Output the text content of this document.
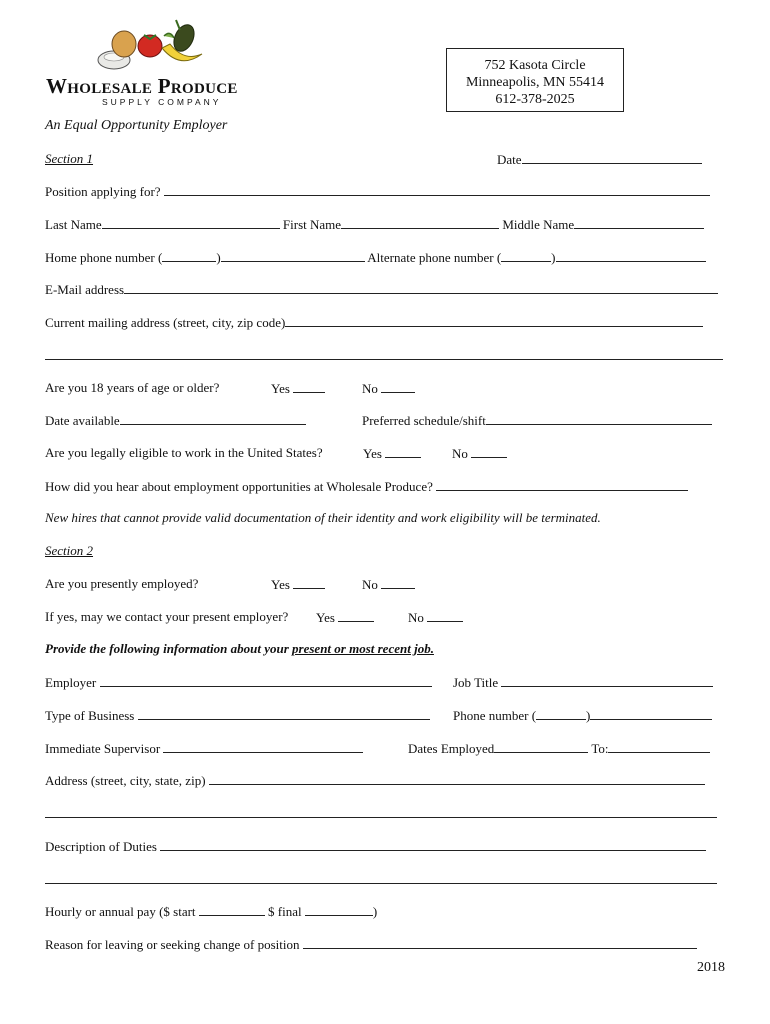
Wholesale Produce
SUPPLY COMPANY
752 Kasota Circle
Minneapolis, MN 55414
612-378-2025
An Equal Opportunity Employer
Section 1	Date
Position applying for?
Last Name	First Name	Middle Name
Home phone number (	)	Alternate phone number (	)
E-Mail address
Current mailing address (street, city, zip code)
Are you 18 years of age or older?	Yes	No
Date available	Preferred schedule/shift
Are you legally eligible to work in the United States?	Yes	No
How did you hear about employment opportunities at Wholesale Produce?
New hires that cannot provide valid documentation of their identity and work eligibility will be terminated.
Section 2
Are you presently employed?	Yes	No
If yes, may we contact your present employer? Yes	No
Provide the following information about your present or most recent job.
Employer	Job Title
Type of Business	Phone number (	)
Immediate Supervisor	Dates Employed	To:
Address (street, city, state, zip)
Description of Duties
Hourly or annual pay ($ start	$ final	)
Reason for leaving or seeking change of position
2018
